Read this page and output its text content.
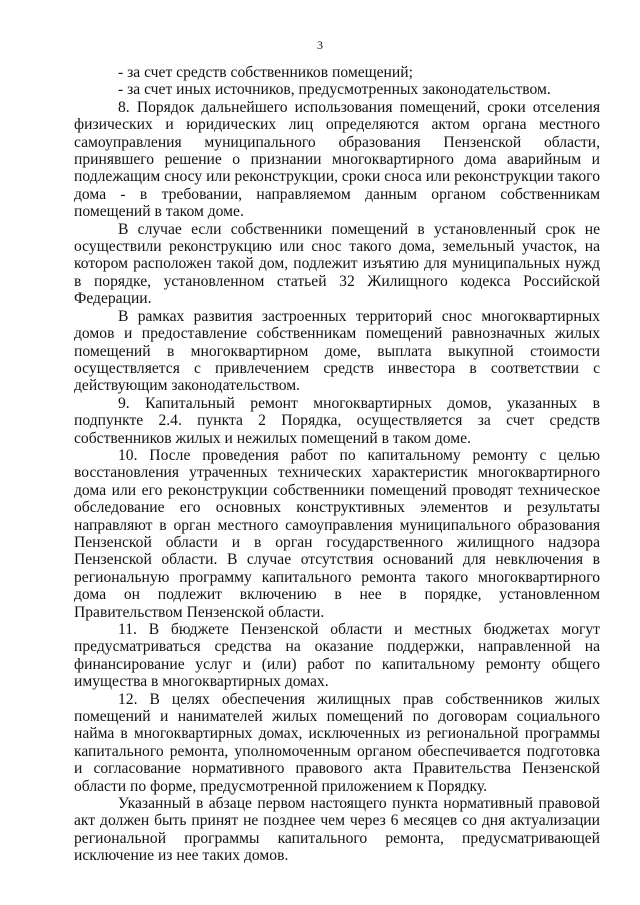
3

- за счет средств собственников помещений;

- за счет иных источников, предусмотренных законодательством.

8. Порядок дальнейшего использования помещений, сроки отселения физических и юридических лиц определяются актом органа местного самоуправления муниципального образования Пензенской области, принявшего решение о признании многоквартирного дома аварийным и подлежащим сносу или реконструкции, сроки сноса или реконструкции такого дома - в требовании, направляемом данным органом собственникам помещений в таком доме.

В случае если собственники помещений в установленный срок не осуществили реконструкцию или снос такого дома, земельный участок, на котором расположен такой дом, подлежит изъятию для муниципальных нужд в порядке, установленном статьей 32 Жилищного кодекса Российской Федерации.

В рамках развития застроенных территорий снос многоквартирных домов и предоставление собственникам помещений равнозначных жилых помещений в многоквартирном доме, выплата выкупной стоимости осуществляется с привлечением средств инвестора в соответствии с действующим законодательством.

9. Капитальный ремонт многоквартирных домов, указанных в подпункте 2.4. пункта 2 Порядка, осуществляется за счет средств собственников жилых и нежилых помещений в таком доме.

10. После проведения работ по капитальному ремонту с целью восстановления утраченных технических характеристик многоквартирного дома или его реконструкции собственники помещений проводят техническое обследование его основных конструктивных элементов и результаты направляют в орган местного самоуправления муниципального образования Пензенской области и в орган государственного жилищного надзора Пензенской области. В случае отсутствия оснований для невключения в региональную программу капитального ремонта такого многоквартирного дома он подлежит включению в нее в порядке, установленном Правительством Пензенской области.

11. В бюджете Пензенской области и местных бюджетах могут предусматриваться средства на оказание поддержки, направленной на финансирование услуг и (или) работ по капитальному ремонту общего имущества в многоквартирных домах.

12. В целях обеспечения жилищных прав собственников жилых помещений и нанимателей жилых помещений по договорам социального найма в многоквартирных домах, исключенных из региональной программы капитального ремонта, уполномоченным органом обеспечивается подготовка и согласование нормативного правового акта Правительства Пензенской области по форме, предусмотренной приложением к Порядку.

Указанный в абзаце первом настоящего пункта нормативный правовой акт должен быть принят не позднее чем через 6 месяцев со дня актуализации региональной программы капитального ремонта, предусматривающей исключение из нее таких домов.
